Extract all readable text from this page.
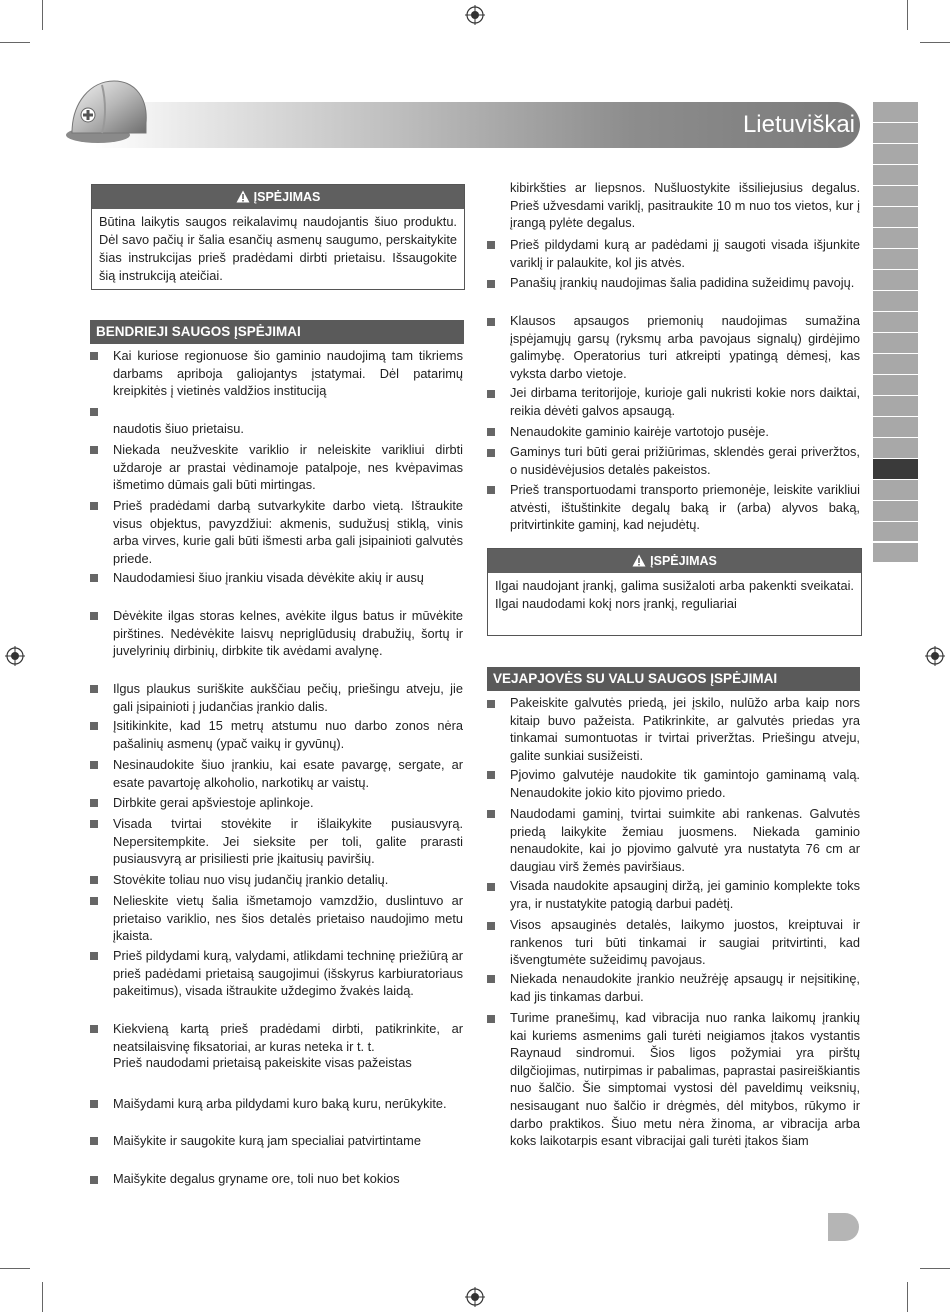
Lietuviškai
ĮSPĖJIMAS
Būtina laikytis saugos reikalavimų naudojantis šiuo produktu. Dėl savo pačių ir šalia esančių asmenų saugumo, perskaitykite šias instrukcijas prieš pradėdami dirbti prietaisu. Išsaugokite šią instrukciją ateičiai.
BENDRIEJI SAUGOS ĮSPĖJIMAI
Kai kuriose regionuose šio gaminio naudojimą tam tikriems darbams apriboja galiojantys įstatymai. Dėl patarimų kreipkitės į vietinės valdžios instituciją
naudotis šiuo prietaisu.
Niekada neužveskite variklio ir neleiskite varikliui dirbti uždaroje ar prastai vėdinamoje patalpoje, nes kvėpavimas išmetimo dūmais gali būti mirtingas.
Prieš pradėdami darbą sutvarkykite darbo vietą. Ištraukite visus objektus, pavyzdžiui: akmenis, sudužusį stiklą, vinis arba virves, kurie gali būti išmesti arba gali įsipainioti galvutės priede.
Naudodamiesi šiuo įrankiu visada dėvėkite akių ir ausų
Dėvėkite ilgas storas kelnes, avėkite ilgus batus ir mūvėkite pirštines. Nedėvėkite laisvų nepriglūdusių drabužių, šortų ir juvelyrinių dirbinių, dirbkite tik avėdami avalynę.
Ilgus plaukus suriškite aukščiau pečių, priešingu atveju, jie gali įsipainioti į judančias įrankio dalis.
Įsitikinkite, kad 15 metrų atstumu nuo darbo zonos nėra pašalinių asmenų (ypač vaikų ir gyvūnų).
Nesinaudokite šiuo įrankiu, kai esate pavargę, sergate, ar esate pavartoję alkoholio, narkotikų ar vaistų.
Dirbkite gerai apšviestoje aplinkoje.
Visada tvirtai stovėkite ir išlaikykite pusiausvyrą. Nepersitempkite. Jei sieksite per toli, galite prarasti pusiausvyrą ar prisiliesti prie įkaitusių paviršių.
Stovėkite toliau nuo visų judančių įrankio detalių.
Nelieskite vietų šalia išmetamojo vamzdžio, duslintuvo ar prietaiso variklio, nes šios detalės prietaiso naudojimo metu įkaista.
Prieš pildydami kurą, valydami, atlikdami techninę priežiūrą ar prieš padėdami prietaisą saugojimui (išskyrus karbiuratoriaus pakeitimus), visada ištraukite uždegimo žvakės laidą.
Kiekvieną kartą prieš pradėdami dirbti, patikrinkite, ar neatsilaisvinę fiksatoriai, ar kuras neteka ir t. t.
Prieš naudodami prietaisą pakeiskite visas pažeistas
Maišydami kurą arba pildydami kuro baką kuru, nerūkykite.
Maišykite ir saugokite kurą jam specialiai patvirtintame
Maišykite degalus gryname ore, toli nuo bet kokios
kibirkšties ar liepsnos. Nušluostykite išsiliejusius degalus. Prieš užvesdami variklį, pasitraukite 10 m nuo tos vietos, kur į įrangą pylėte degalus.
Prieš pildydami kurą ar padėdami jį saugoti visada išjunkite variklį ir palaukite, kol jis atvės.
Panašių įrankių naudojimas šalia padidina sužeidimų pavojų.
Klausos apsaugos priemonių naudojimas sumažina įspėjamųjų garsų (ryksmų arba pavojaus signalų) girdėjimo galimybę. Operatorius turi atkreipti ypatingą dėmesį, kas vyksta darbo vietoje.
Jei dirbama teritorijoje, kurioje gali nukristi kokie nors daiktai, reikia dėvėti galvos apsaugą.
Nenaudokite gaminio kairėje vartotojo pusėje.
Gaminys turi būti gerai prižiūrimas, sklendės gerai priveržtos, o nusidėvėjusios detalės pakeistos.
Prieš transportuodami transporto priemonėje, leiskite varikliui atvėsti, ištuštinkite degalų baką ir (arba) alyvos baką, pritvirtinkite gaminį, kad nejudėtų.
ĮSPĖJIMAS
Ilgai naudojant įrankį, galima susižaloti arba pakenkti sveikatai. Ilgai naudodami kokį nors įrankį, reguliariai
VEJAPJOVĖS SU VALU SAUGOS ĮSPĖJIMAI
Pakeiskite galvutės priedą, jei įskilo, nulūžo arba kaip nors kitaip buvo pažeista. Patikrinkite, ar galvutės priedas yra tinkamai sumontuotas ir tvirtai priveržtas. Priešingu atveju, galite sunkiai susižeisti.
Pjovimo galvutėje naudokite tik gamintojo gaminamą valą. Nenaudokite jokio kito pjovimo priedo.
Naudodami gaminį, tvirtai suimkite abi rankenas. Galvutės priedą laikykite žemiau juosmens. Niekada gaminio nenaudokite, kai jo pjovimo galvutė yra nustatyta 76 cm ar daugiau virš žemės paviršiaus.
Visada naudokite apsauginį diržą, jei gaminio komplekte toks yra, ir nustatykite patogią darbui padėtį.
Visos apsauginės detalės, laikymo juostos, kreiptuvai ir rankenos turi būti tinkamai ir saugiai pritvirtinti, kad išvengtumėte sužeidimų pavojaus.
Niekada nenaudokite įrankio neužrėję apsaugų ir neįsitikinę, kad jis tinkamas darbui.
Turime pranešimų, kad vibracija nuo ranka laikomų įrankių kai kuriems asmenims gali turėti neigiamos įtakos vystantis Raynaud sindromui. Šios ligos požymiai yra pirštų dilgčiojimas, nutirpimas ir pabalimas, paprastai pasireiškiantis nuo šalčio. Šie simptomai vystosi dėl paveldimų veiksnių, nesisaugant nuo šalčio ir drėgmės, dėl mitybos, rūkymo ir darbo praktikos. Šiuo metu nėra žinoma, ar vibracija arba koks laikotarpis esant vibracijai gali turėti įtakos šiam
